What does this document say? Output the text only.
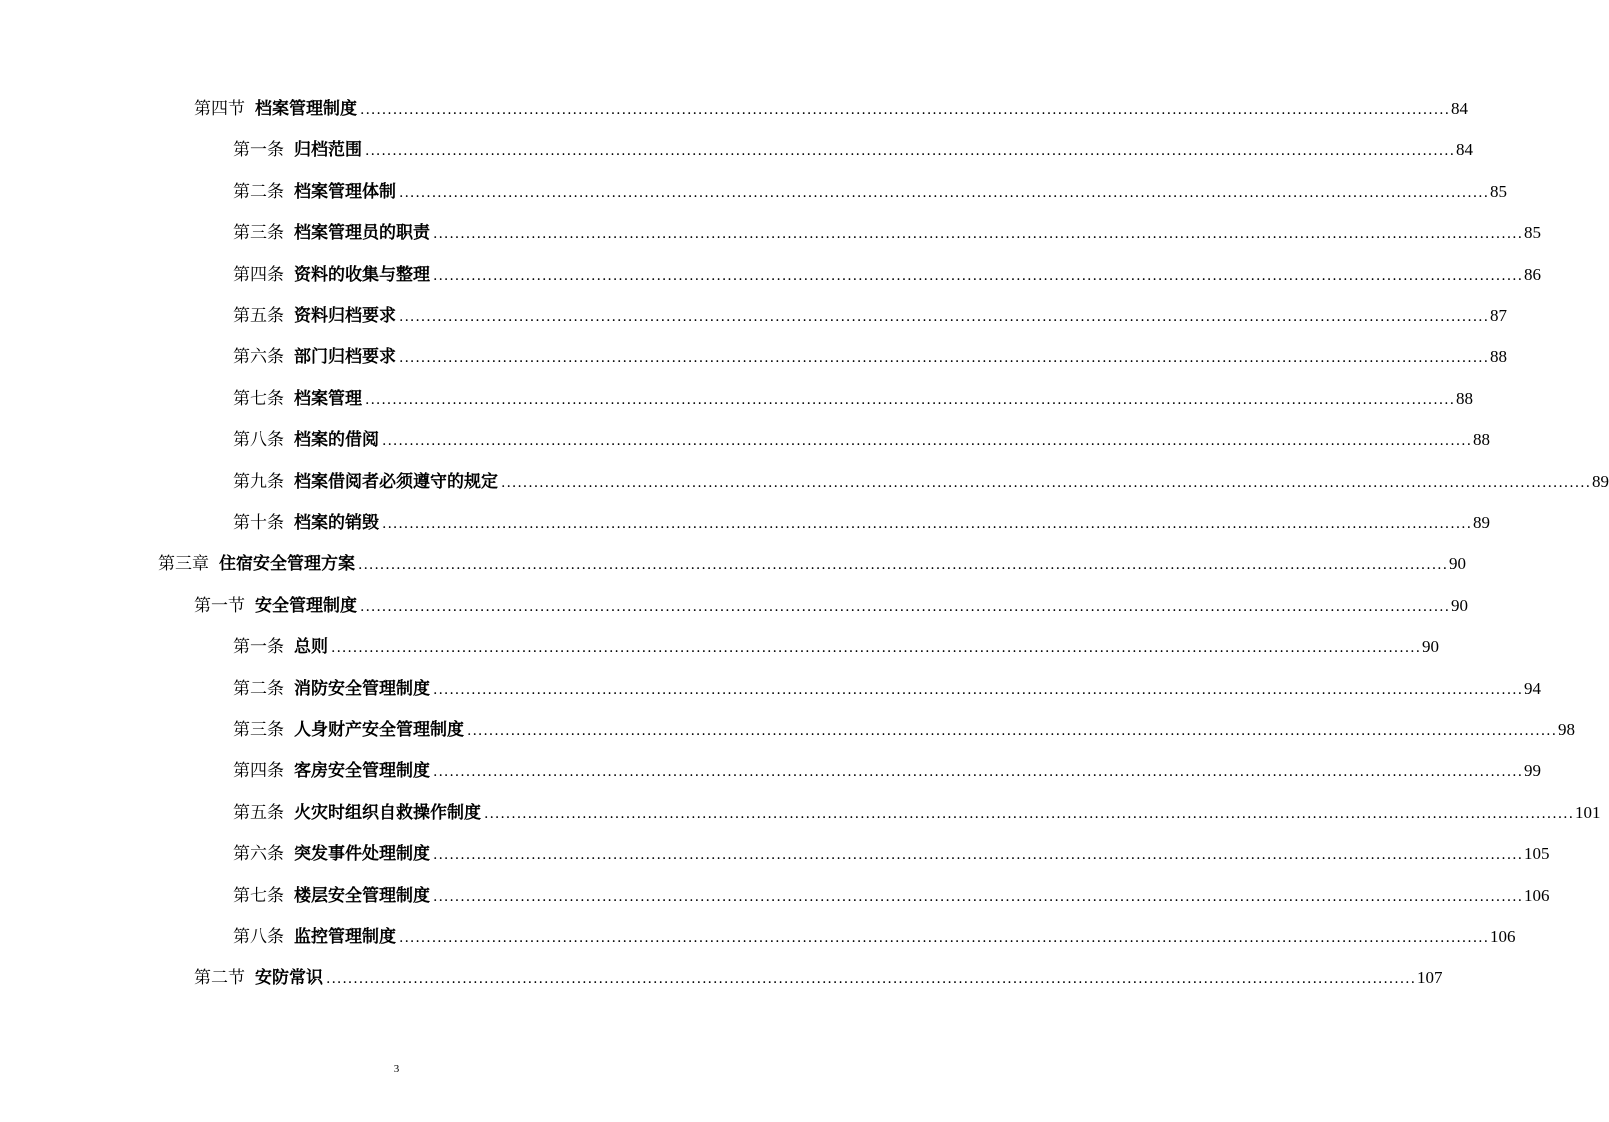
第四节 档案管理制度 ........................................................................................................................................................................................................ 84
第一条 归档范围 ........................................................................................................................................................................................................ 84
第二条 档案管理体制 ........................................................................................................................................................................................................ 85
第三条 档案管理员的职责 ........................................................................................................................................................................................................ 85
第四条 资料的收集与整理 ........................................................................................................................................................................................................ 86
第五条 资料归档要求 ........................................................................................................................................................................................................ 87
第六条 部门归档要求 ........................................................................................................................................................................................................ 88
第七条 档案管理 ........................................................................................................................................................................................................ 88
第八条 档案的借阅 ........................................................................................................................................................................................................ 88
第九条 档案借阅者必须遵守的规定 ........................................................................................................................................................................................................ 89
第十条 档案的销毁 ........................................................................................................................................................................................................ 89
第三章 住宿安全管理方案 ........................................................................................................................................................................................................ 90
第一节 安全管理制度 ........................................................................................................................................................................................................ 90
第一条 总则 ........................................................................................................................................................................................................ 90
第二条 消防安全管理制度 ........................................................................................................................................................................................................ 94
第三条 人身财产安全管理制度 ........................................................................................................................................................................................................ 98
第四条 客房安全管理制度 ........................................................................................................................................................................................................ 99
第五条 火灾时组织自救操作制度 ........................................................................................................................................................................................................ 101
第六条 突发事件处理制度 ........................................................................................................................................................................................................ 105
第七条 楼层安全管理制度 ........................................................................................................................................................................................................ 106
第八条 监控管理制度 ........................................................................................................................................................................................................ 106
第二节 安防常识 ........................................................................................................................................................................................................ 107
3
